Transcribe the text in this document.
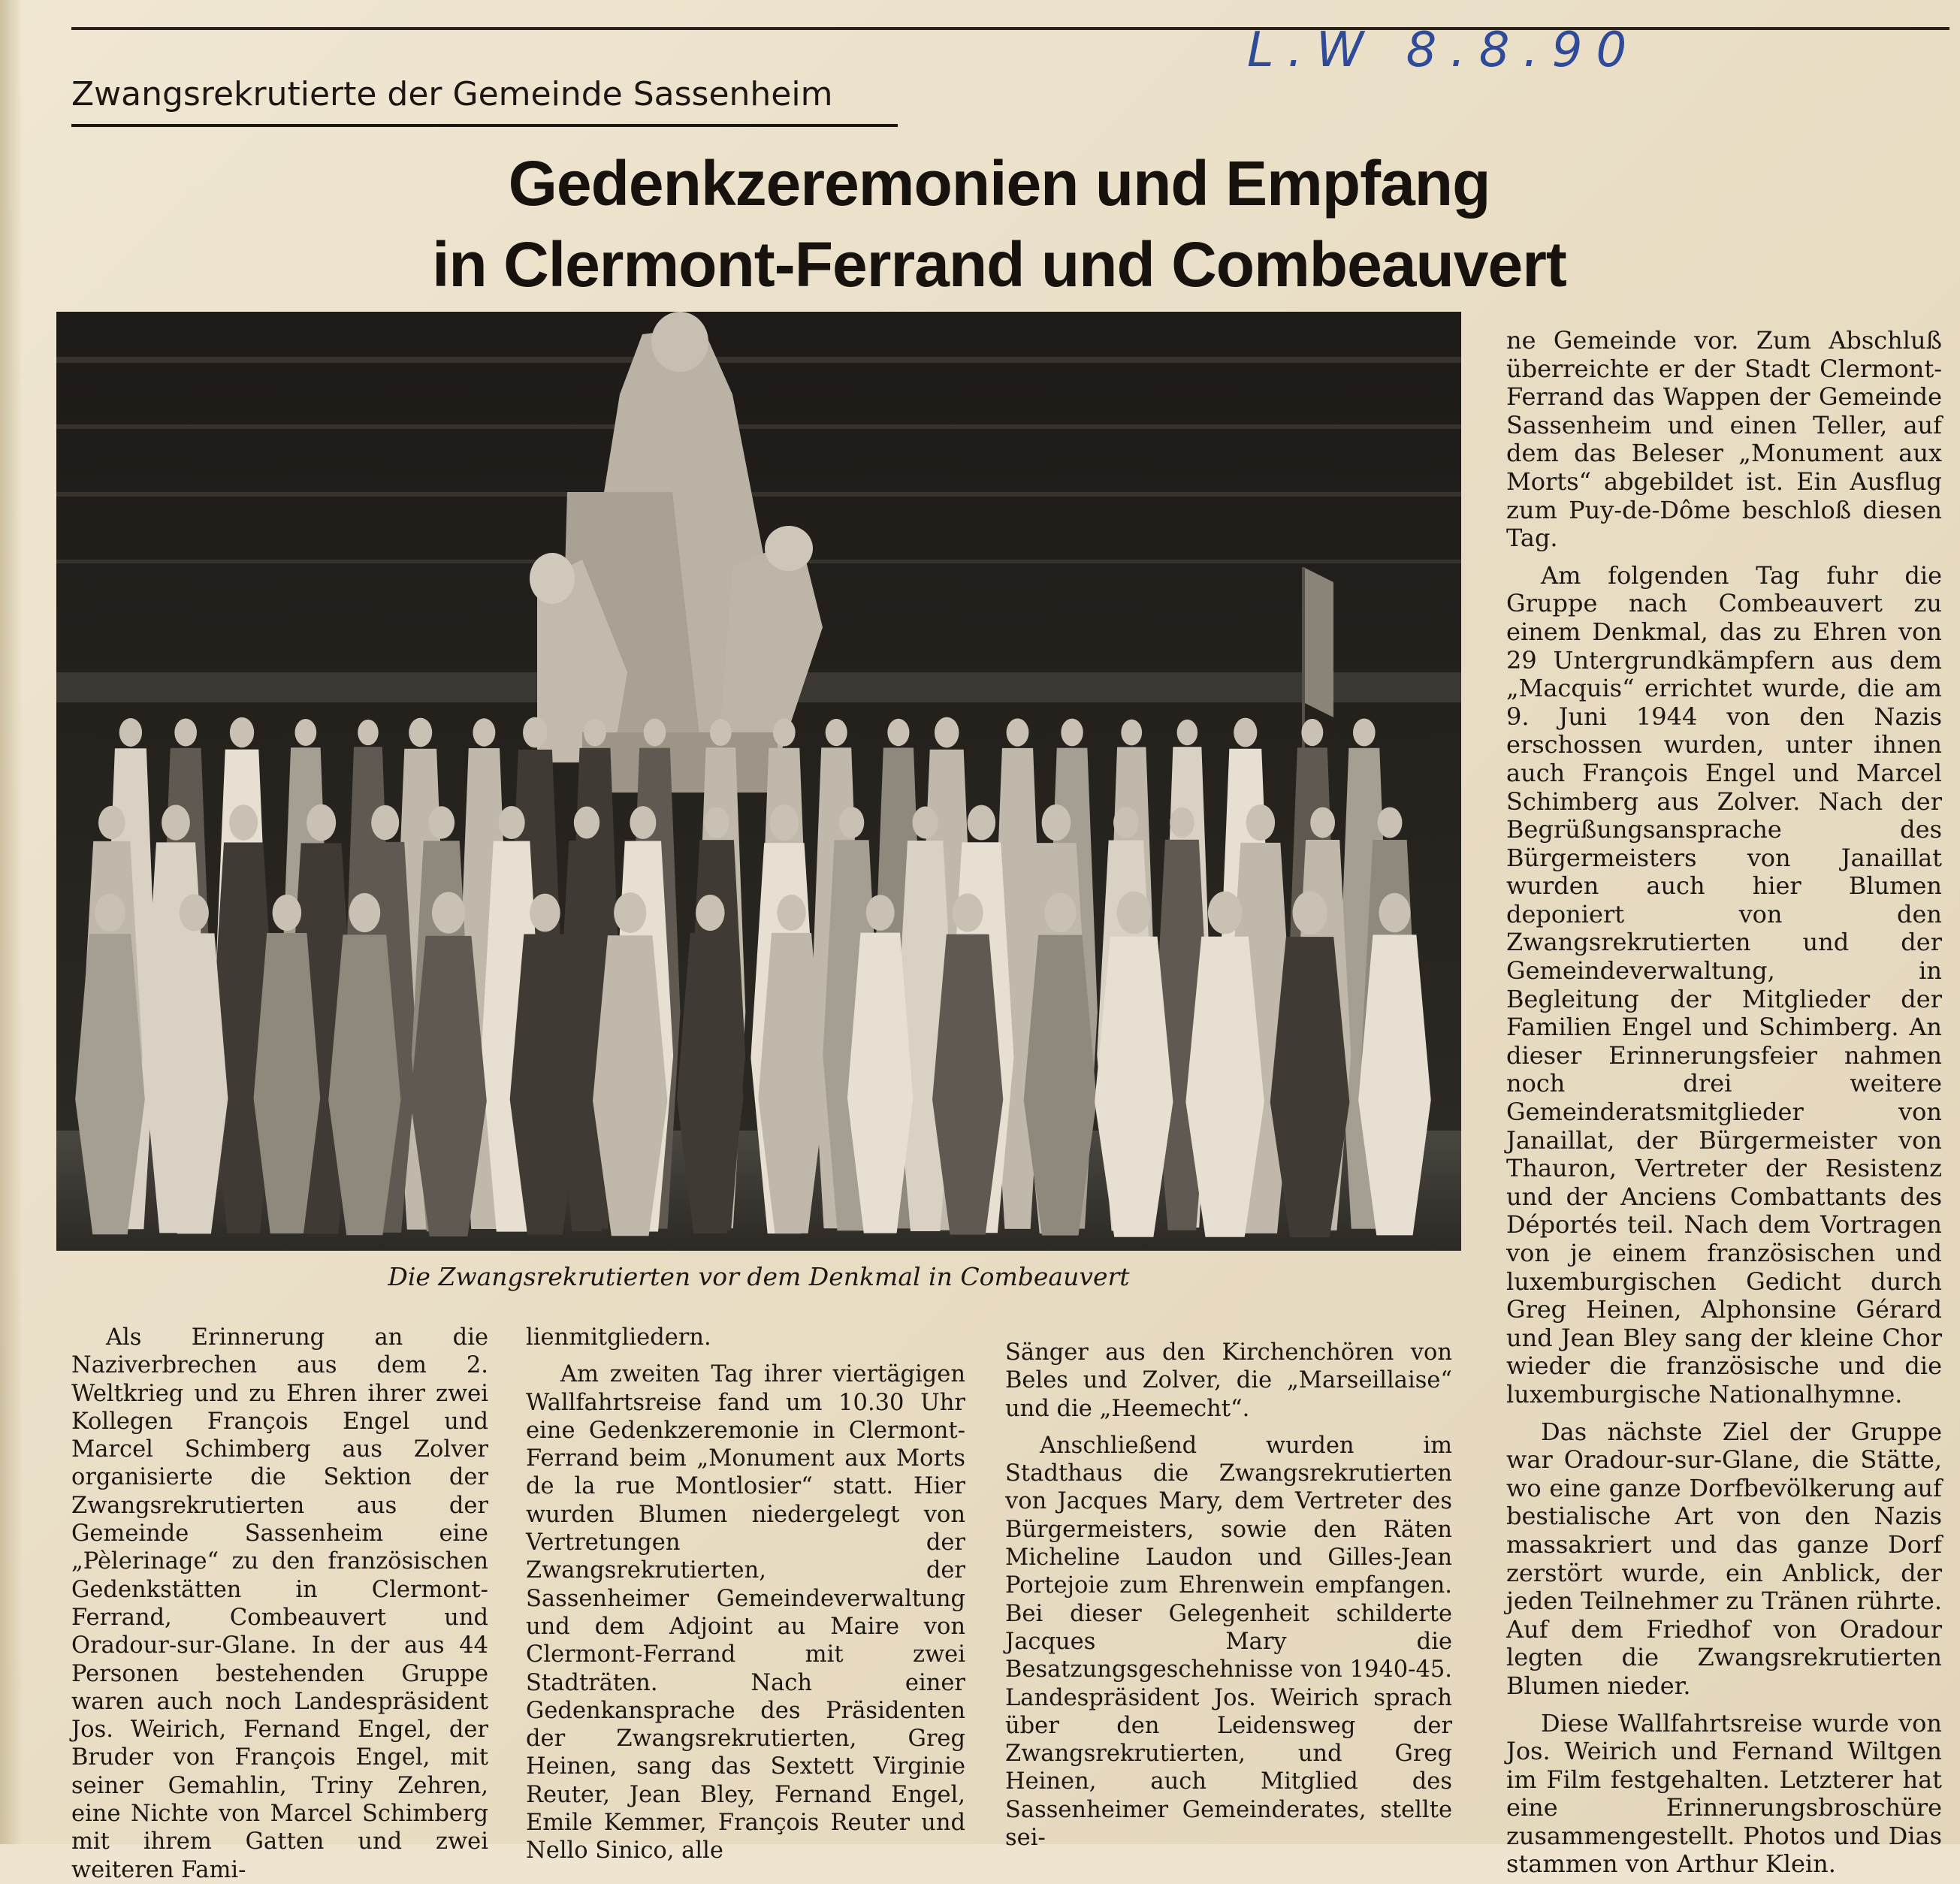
L.W 8.8.90
Zwangsrekrutierte der Gemeinde Sassenheim
Gedenkzeremonien und Empfang
in Clermont-Ferrand und Combeauvert
Die Zwangsrekrutierten vor dem Denkmal in Combeauvert

ne Gemeinde vor. Zum Abschluß überreichte er der Stadt Clermont-Ferrand das Wappen der Gemeinde Sassenheim und einen Teller, auf dem das Beleser „Monument aux Morts“ abgebildet ist. Ein Ausflug zum Puy-de-Dôme beschloß diesen Tag.

Am folgenden Tag fuhr die Gruppe nach Combeauvert zu einem Denkmal, das zu Ehren von 29 Untergrundkämpfern aus dem „Macquis“ errichtet wurde, die am 9. Juni 1944 von den Nazis erschossen wurden, unter ihnen auch François Engel und Marcel Schimberg aus Zolver. Nach der Begrüßungsansprache des Bürgermeisters von Janaillat wurden auch hier Blumen deponiert von den Zwangsrekrutierten und der Gemeindeverwaltung, in Begleitung der Mitglieder der Familien Engel und Schimberg. An dieser Erinnerungsfeier nahmen noch drei weitere Gemeinderatsmitglieder von Janaillat, der Bürgermeister von Thauron, Vertreter der Resistenz und der Anciens Combattants des Déportés teil. Nach dem Vortragen von je einem französischen und luxemburgischen Gedicht durch Greg Heinen, Alphonsine Gérard und Jean Bley sang der kleine Chor wieder die französische und die luxemburgische Nationalhymne.

Das nächste Ziel der Gruppe war Oradour-sur-Glane, die Stätte, wo eine ganze Dorfbevölkerung auf bestialische Art von den Nazis massakriert und das ganze Dorf zerstört wurde, ein Anblick, der jeden Teilnehmer zu Tränen rührte. Auf dem Friedhof von Oradour legten die Zwangsrekrutierten Blumen nieder.

Diese Wallfahrtsreise wurde von Jos. Weirich und Fernand Wiltgen im Film festgehalten. Letzterer hat eine Erinnerungsbroschüre zusammengestellt. Photos und Dias stammen von Arthur Klein.

Als Erinnerung an die Naziverbrechen aus dem 2. Weltkrieg und zu Ehren ihrer zwei Kollegen François Engel und Marcel Schimberg aus Zolver organisierte die Sektion der Zwangsrekrutierten aus der Gemeinde Sassenheim eine „Pèlerinage“ zu den französischen Gedenkstätten in Clermont-Ferrand, Combeauvert und Oradour-sur-Glane. In der aus 44 Personen bestehenden Gruppe waren auch noch Landespräsident Jos. Weirich, Fernand Engel, der Bruder von François Engel, mit seiner Gemahlin, Triny Zehren, eine Nichte von Marcel Schimberg mit ihrem Gatten und zwei weiteren Fami-

lienmitgliedern.

Am zweiten Tag ihrer viertägigen Wallfahrtsreise fand um 10.30 Uhr eine Gedenkzeremonie in Clermont-Ferrand beim „Monument aux Morts de la rue Montlosier“ statt. Hier wurden Blumen niedergelegt von Vertretungen der Zwangsrekrutierten, der Sassenheimer Gemeindeverwaltung und dem Adjoint au Maire von Clermont-Ferrand mit zwei Stadträten. Nach einer Gedenkansprache des Präsidenten der Zwangsrekrutierten, Greg Heinen, sang das Sextett Virginie Reuter, Jean Bley, Fernand Engel, Emile Kemmer, François Reuter und Nello Sinico, alle

Sänger aus den Kirchenchören von Beles und Zolver, die „Marseillaise“ und die „Heemecht“.

Anschließend wurden im Stadthaus die Zwangsrekrutierten von Jacques Mary, dem Vertreter des Bürgermeisters, sowie den Räten Micheline Laudon und Gilles-Jean Portejoie zum Ehrenwein empfangen. Bei dieser Gelegenheit schilderte Jacques Mary die Besatzungsgeschehnisse von 1940-45. Landespräsident Jos. Weirich sprach über den Leidensweg der Zwangsrekrutierten, und Greg Heinen, auch Mitglied des Sassenheimer Gemeinderates, stellte sei-
